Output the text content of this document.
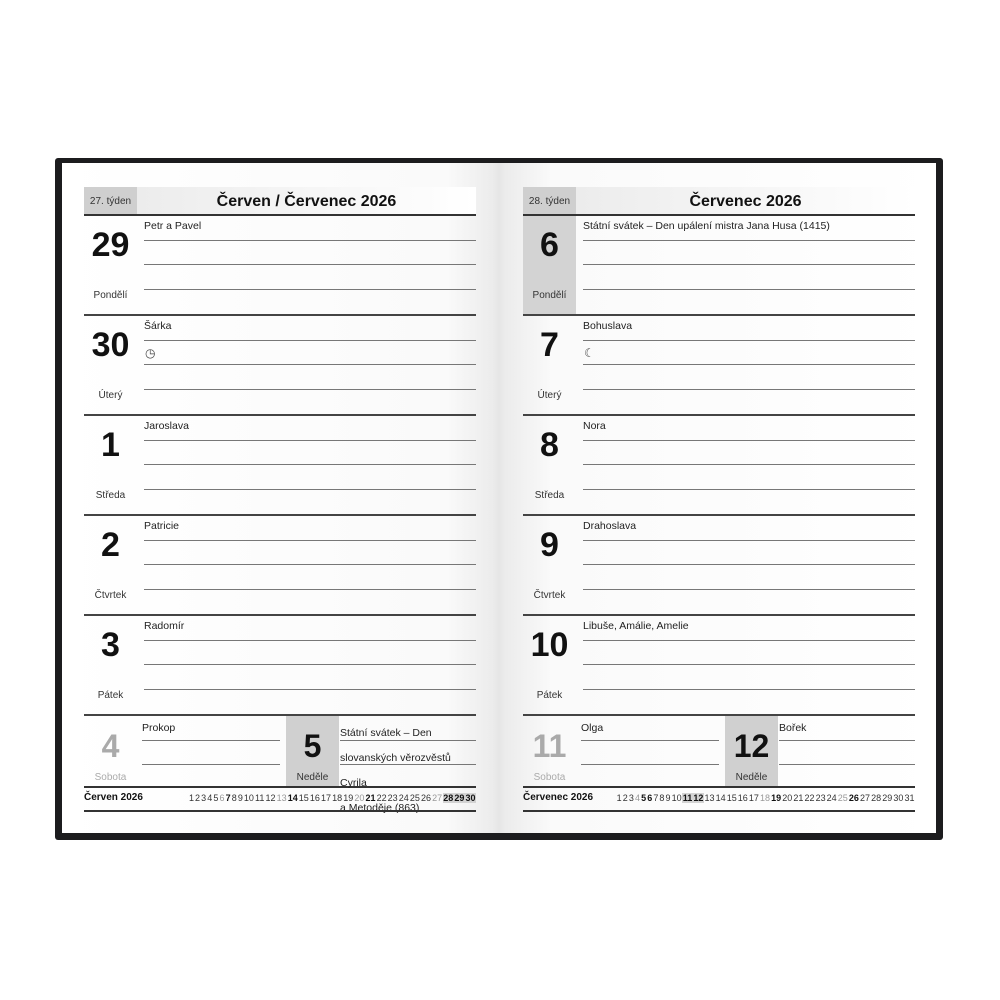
27. týden	Červen / Červenec 2026
29
Pondělí
Petr a Pavel
30
Úterý
Šárka
◷
1
Středa
Jaroslava
2
Čtvrtek
Patricie
3
Pátek
Radomír
4
Sobota
Prokop	5
Neděle
Státní svátek – Den
slovanských věrozvěstů Cyrila
a Metoděje (863)
Červen 2026	123456789101112131415161718192021222324252627282930
28. týden	Červenec 2026
6
Pondělí
Státní svátek – Den upálení mistra Jana Husa (1415)
7
Úterý
Bohuslava
☾
8
Středa
Nora
9
Čtvrtek
Drahoslava
10
Pátek
Libuše, Amálie, Amelie
11
Sobota
Olga	12
Neděle
Bořek
Červenec 2026	12345678910111213141516171819202122232425262728293031
